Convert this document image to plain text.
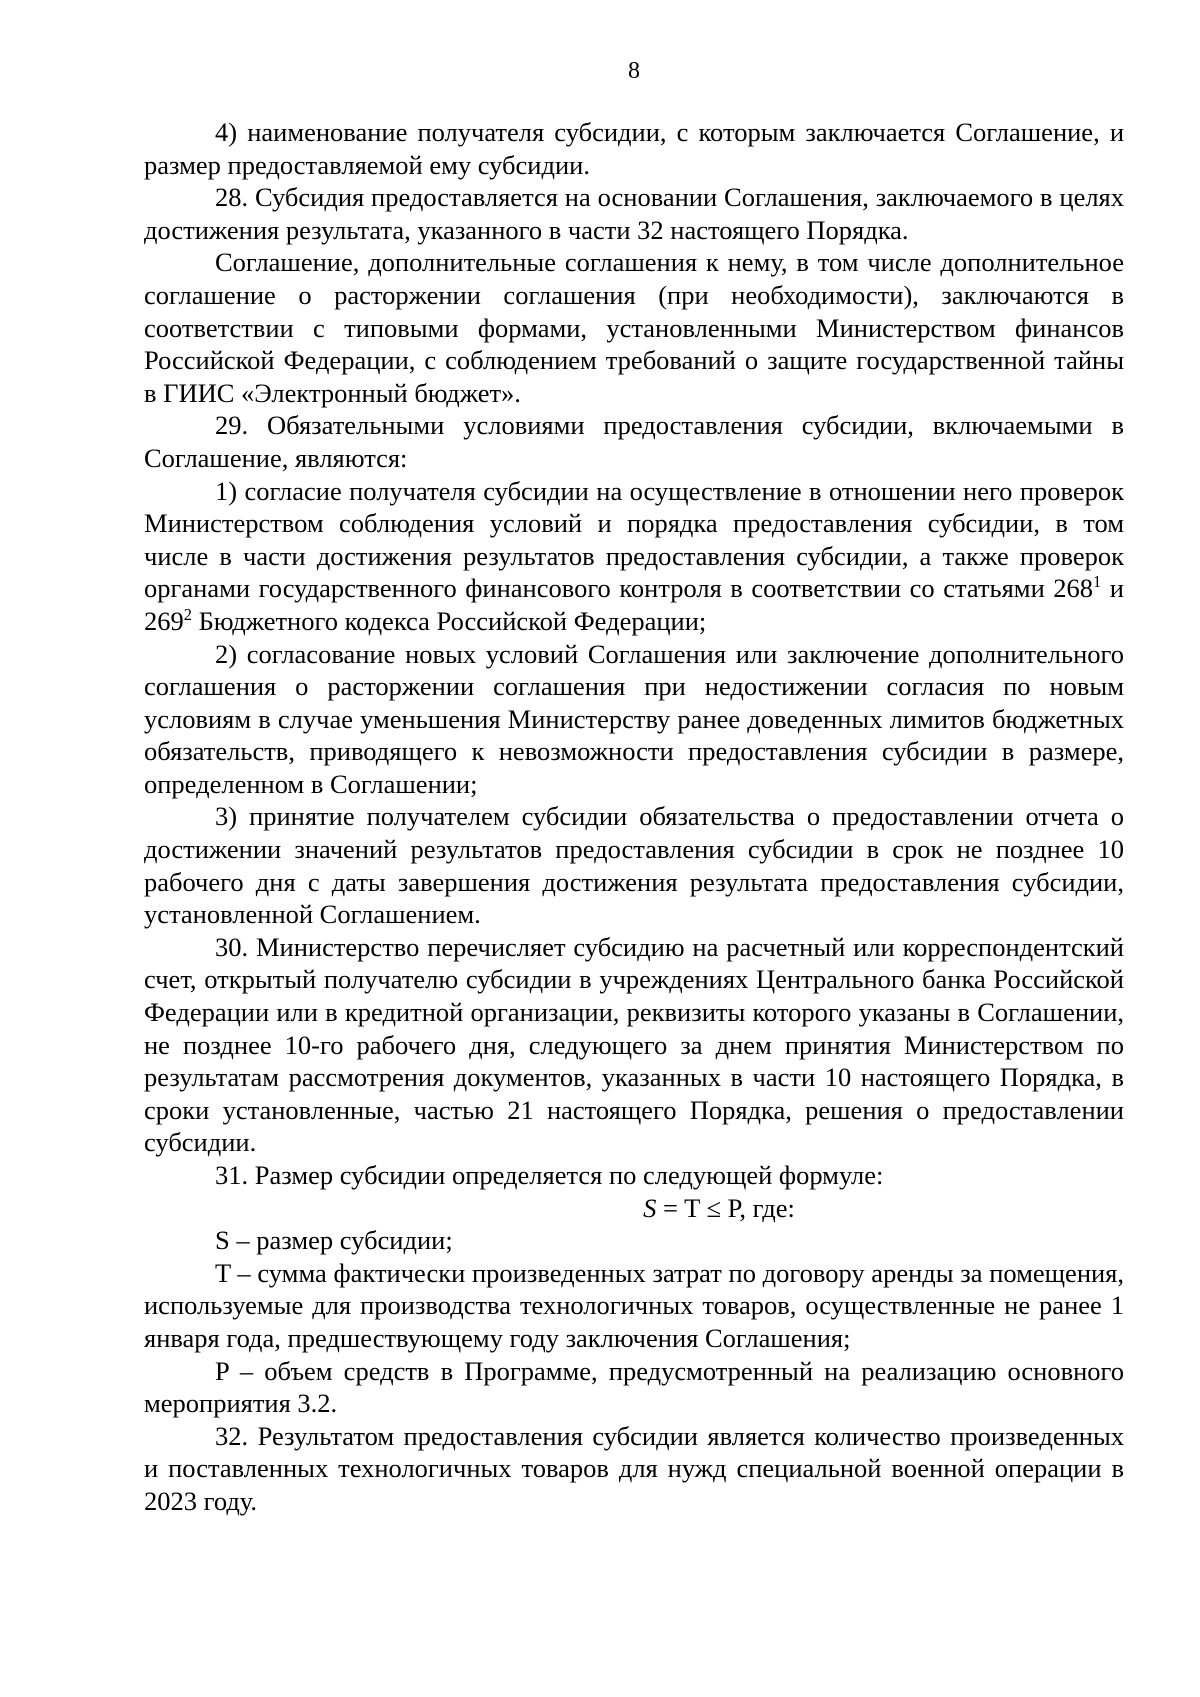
8

4) наименование получателя субсидии, с которым заключается Соглашение, и размер предоставляемой ему субсидии.

28. Субсидия предоставляется на основании Соглашения, заключаемого в целях достижения результата, указанного в части 32 настоящего Порядка.

Соглашение, дополнительные соглашения к нему, в том числе дополнительное соглашение о расторжении соглашения (при необходимости), заключаются в соответствии с типовыми формами, установленными Министерством финансов Российской Федерации, с соблюдением требований о защите государственной тайны в ГИИС «Электронный бюджет».

29. Обязательными условиями предоставления субсидии, включаемыми в Соглашение, являются:

1) согласие получателя субсидии на осуществление в отношении него проверок Министерством соблюдения условий и порядка предоставления субсидии, в том числе в части достижения результатов предоставления субсидии, а также проверок органами государственного финансового контроля в соответствии со статьями $268^1$ и $269^2$ Бюджетного кодекса Российской Федерации;

2) согласование новых условий Соглашения или заключение дополнительного соглашения о расторжении соглашения при недостижении согласия по новым условиям в случае уменьшения Министерству ранее доведенных лимитов бюджетных обязательств, приводящего к невозможности предоставления субсидии в размере, определенном в Соглашении;

3) принятие получателем субсидии обязательства о предоставлении отчета о достижении значений результатов предоставления субсидии в срок не позднее 10 рабочего дня с даты завершения достижения результата предоставления субсидии, установленной Соглашением.

30. Министерство перечисляет субсидию на расчетный или корреспондентский счет, открытый получателю субсидии в учреждениях Центрального банка Российской Федерации или в кредитной организации, реквизиты которого указаны в Соглашении, не позднее 10-го рабочего дня, следующего за днем принятия Министерством по результатам рассмотрения документов, указанных в части 10 настоящего Порядка, в сроки установленные, частью 21 настоящего Порядка, решения о предоставлении субсидии.

31. Размер субсидии определяется по следующей формуле:

S = T ≤ P, где:

S – размер субсидии;

T – сумма фактически произведенных затрат по договору аренды за помещения, используемые для производства технологичных товаров, осуществленные не ранее 1 января года, предшествующему году заключения Соглашения;

P – объем средств в Программе, предусмотренный на реализацию основного мероприятия 3.2.

32. Результатом предоставления субсидии является количество произведенных и поставленных технологичных товаров для нужд специальной военной операции в 2023 году.
